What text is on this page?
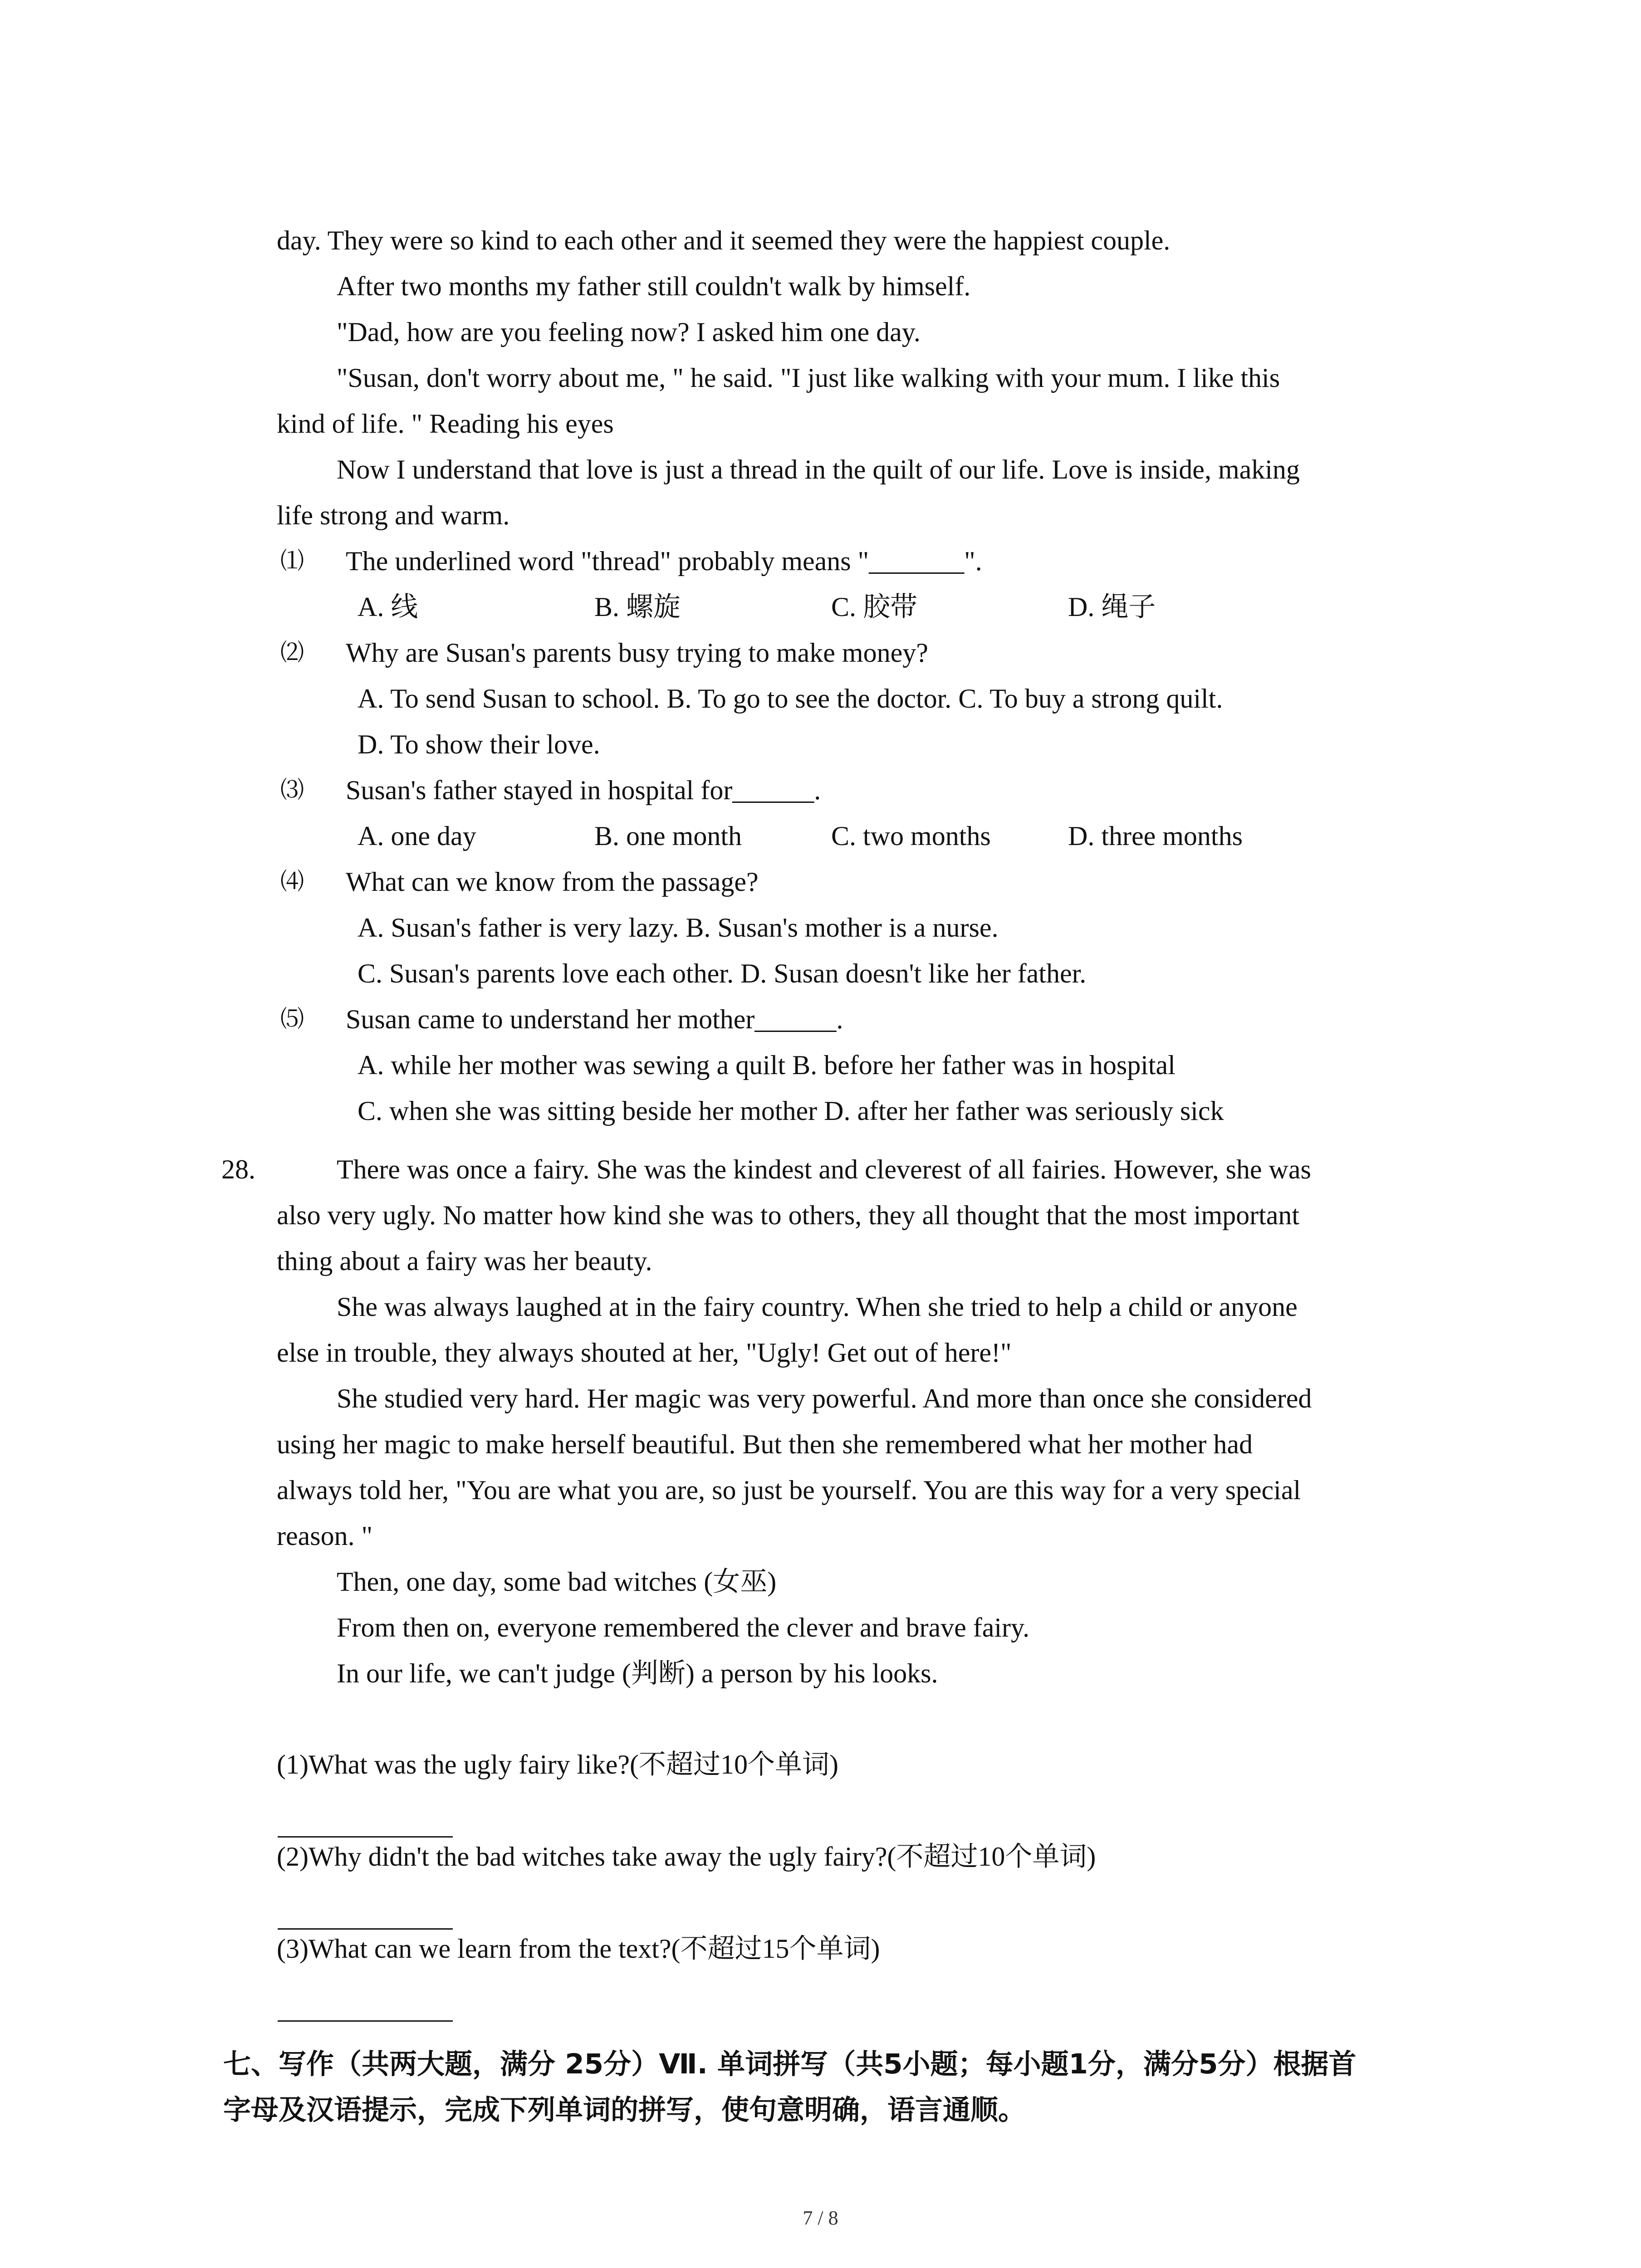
day. They were so kind to each other and it seemed they were the happiest couple.
After two months my father still couldn't walk by himself.
"Dad, how are you feeling now? I asked him one day.
"Susan, don't worry about me, " he said. "I just like walking with your mum. I like this
kind of life. " Reading his eyes
Now I understand that love is just a thread in the quilt of our life. Love is inside, making
life strong and warm.
⑴ The underlined word "thread" probably means "_______".
A. 线	B. 螺旋	C. 胶带	D. 绳子
⑵ Why are Susan's parents busy trying to make money?
A. To send Susan to school. B. To go to see the doctor. C. To buy a strong quilt.
D. To show their love.
⑶ Susan's father stayed in hospital for______.
A. one day	B. one month	C. two months	D. three months
⑷ What can we know from the passage?
A. Susan's father is very lazy. B. Susan's mother is a nurse.
C. Susan's parents love each other. D. Susan doesn't like her father.
⑸ Susan came to understand her mother______.
A. while her mother was sewing a quilt B. before her father was in hospital
C. when she was sitting beside her mother D. after her father was seriously sick
28.	There was once a fairy. She was the kindest and cleverest of all fairies. However, she was
also very ugly. No matter how kind she was to others, they all thought that the most important
thing about a fairy was her beauty.
She was always laughed at in the fairy country. When she tried to help a child or anyone
else in trouble, they always shouted at her, "Ugly! Get out of here!"
She studied very hard. Her magic was very powerful. And more than once she considered
using her magic to make herself beautiful. But then she remembered what her mother had
always told her, "You are what you are, so just be yourself. You are this way for a very special
reason. "
Then, one day, some bad witches (女巫)
From then on, everyone remembered the clever and brave fairy.
In our life, we can't judge (判断) a person by his looks.
(1)What was the ugly fairy like?(不超过10个单词)
(2)Why didn't the bad witches take away the ugly fairy?(不超过10个单词)
(3)What can we learn from the text?(不超过15个单词)
七、写作（共两大题，满分 25分）Ⅶ. 单词拼写（共5小题；每小题1分，满分5分）根据首
字母及汉语提示，完成下列单词的拼写，使句意明确，语言通顺。
7 / 8
